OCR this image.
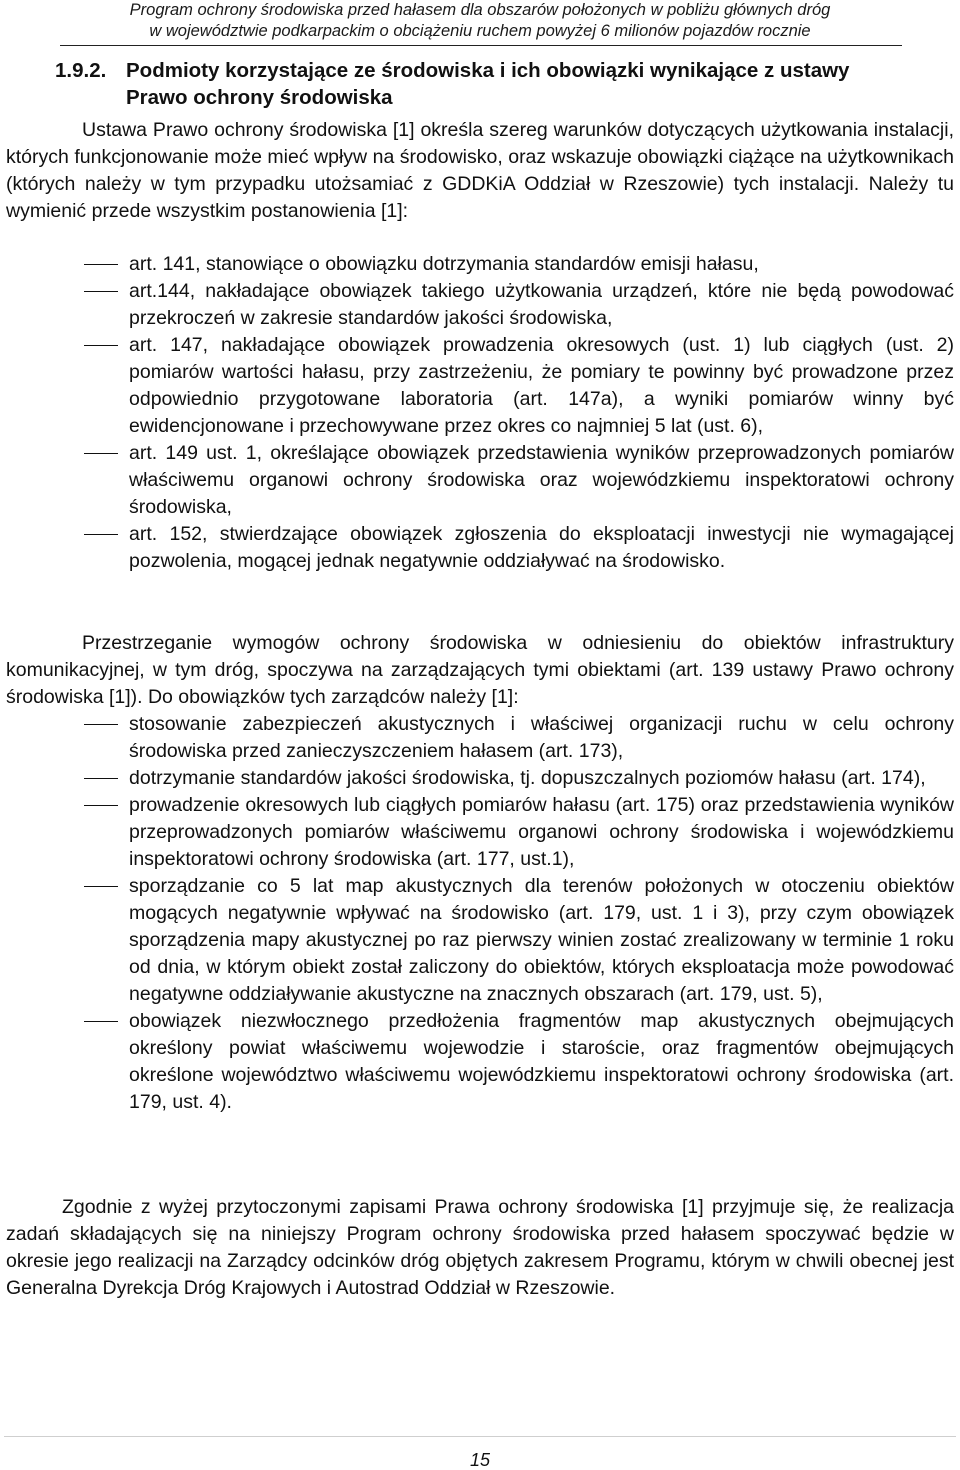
Program ochrony środowiska przed hałasem dla obszarów położonych w pobliżu głównych dróg
w województwie podkarpackim o obciążeniu ruchem powyżej 6 milionów pojazdów rocznie
1.9.2. Podmioty korzystające ze środowiska i ich obowiązki wynikające z ustawy
Prawo ochrony środowiska
Ustawa Prawo ochrony środowiska [1] określa szereg warunków dotyczących użytkowania instalacji, których funkcjonowanie może mieć wpływ na środowisko, oraz wskazuje obowiązki ciążące na użytkownikach (których należy w tym przypadku utożsamiać z GDDKiA Oddział w Rzeszowie) tych instalacji. Należy tu wymienić przede wszystkim postanowienia [1]:
art. 141, stanowiące o obowiązku dotrzymania standardów emisji hałasu,
art.144, nakładające obowiązek takiego użytkowania urządzeń, które nie będą powodować przekroczeń w zakresie standardów jakości środowiska,
art. 147, nakładające obowiązek prowadzenia okresowych (ust. 1) lub ciągłych (ust. 2) pomiarów wartości hałasu, przy zastrzeżeniu, że pomiary te powinny być prowadzone przez odpowiednio przygotowane laboratoria (art. 147a), a wyniki pomiarów winny być ewidencjonowane i przechowywane przez okres co najmniej 5 lat (ust. 6),
art. 149 ust. 1, określające obowiązek przedstawienia wyników przeprowadzonych pomiarów właściwemu organowi ochrony środowiska oraz wojewódzkiemu inspektoratowi ochrony środowiska,
art. 152, stwierdzające obowiązek zgłoszenia do eksploatacji inwestycji nie wymagającej pozwolenia, mogącej jednak negatywnie oddziaływać na środowisko.
Przestrzeganie wymogów ochrony środowiska w odniesieniu do obiektów infrastruktury komunikacyjnej, w tym dróg, spoczywa na zarządzających tymi obiektami (art. 139 ustawy Prawo ochrony środowiska [1]). Do obowiązków tych zarządców należy [1]:
stosowanie zabezpieczeń akustycznych i właściwej organizacji ruchu w celu ochrony środowiska przed zanieczyszczeniem hałasem (art. 173),
dotrzymanie standardów jakości środowiska, tj. dopuszczalnych poziomów hałasu (art. 174),
prowadzenie okresowych lub ciągłych pomiarów hałasu (art. 175) oraz przedstawienia wyników przeprowadzonych pomiarów właściwemu organowi ochrony środowiska i wojewódzkiemu inspektoratowi ochrony środowiska (art. 177, ust.1),
sporządzanie co 5 lat map akustycznych dla terenów położonych w otoczeniu obiektów mogących negatywnie wpływać na środowisko (art. 179, ust. 1 i 3), przy czym obowiązek sporządzenia mapy akustycznej po raz pierwszy winien zostać zrealizowany w terminie 1 roku od dnia, w którym obiekt został zaliczony do obiektów, których eksploatacja może powodować negatywne oddziaływanie akustyczne na znacznych obszarach (art. 179, ust. 5),
obowiązek niezwłocznego przedłożenia fragmentów map akustycznych obejmujących określony powiat właściwemu wojewodzie i staroście, oraz fragmentów obejmujących określone województwo właściwemu wojewódzkiemu inspektoratowi ochrony środowiska (art. 179, ust. 4).
Zgodnie z wyżej przytoczonymi zapisami Prawa ochrony środowiska [1] przyjmuje się, że realizacja zadań składających się na niniejszy Program ochrony środowiska przed hałasem spoczywać będzie w okresie jego realizacji na Zarządcy odcinków dróg objętych zakresem Programu, którym w chwili obecnej jest Generalna Dyrekcja Dróg Krajowych i Autostrad Oddział w Rzeszowie.
15
